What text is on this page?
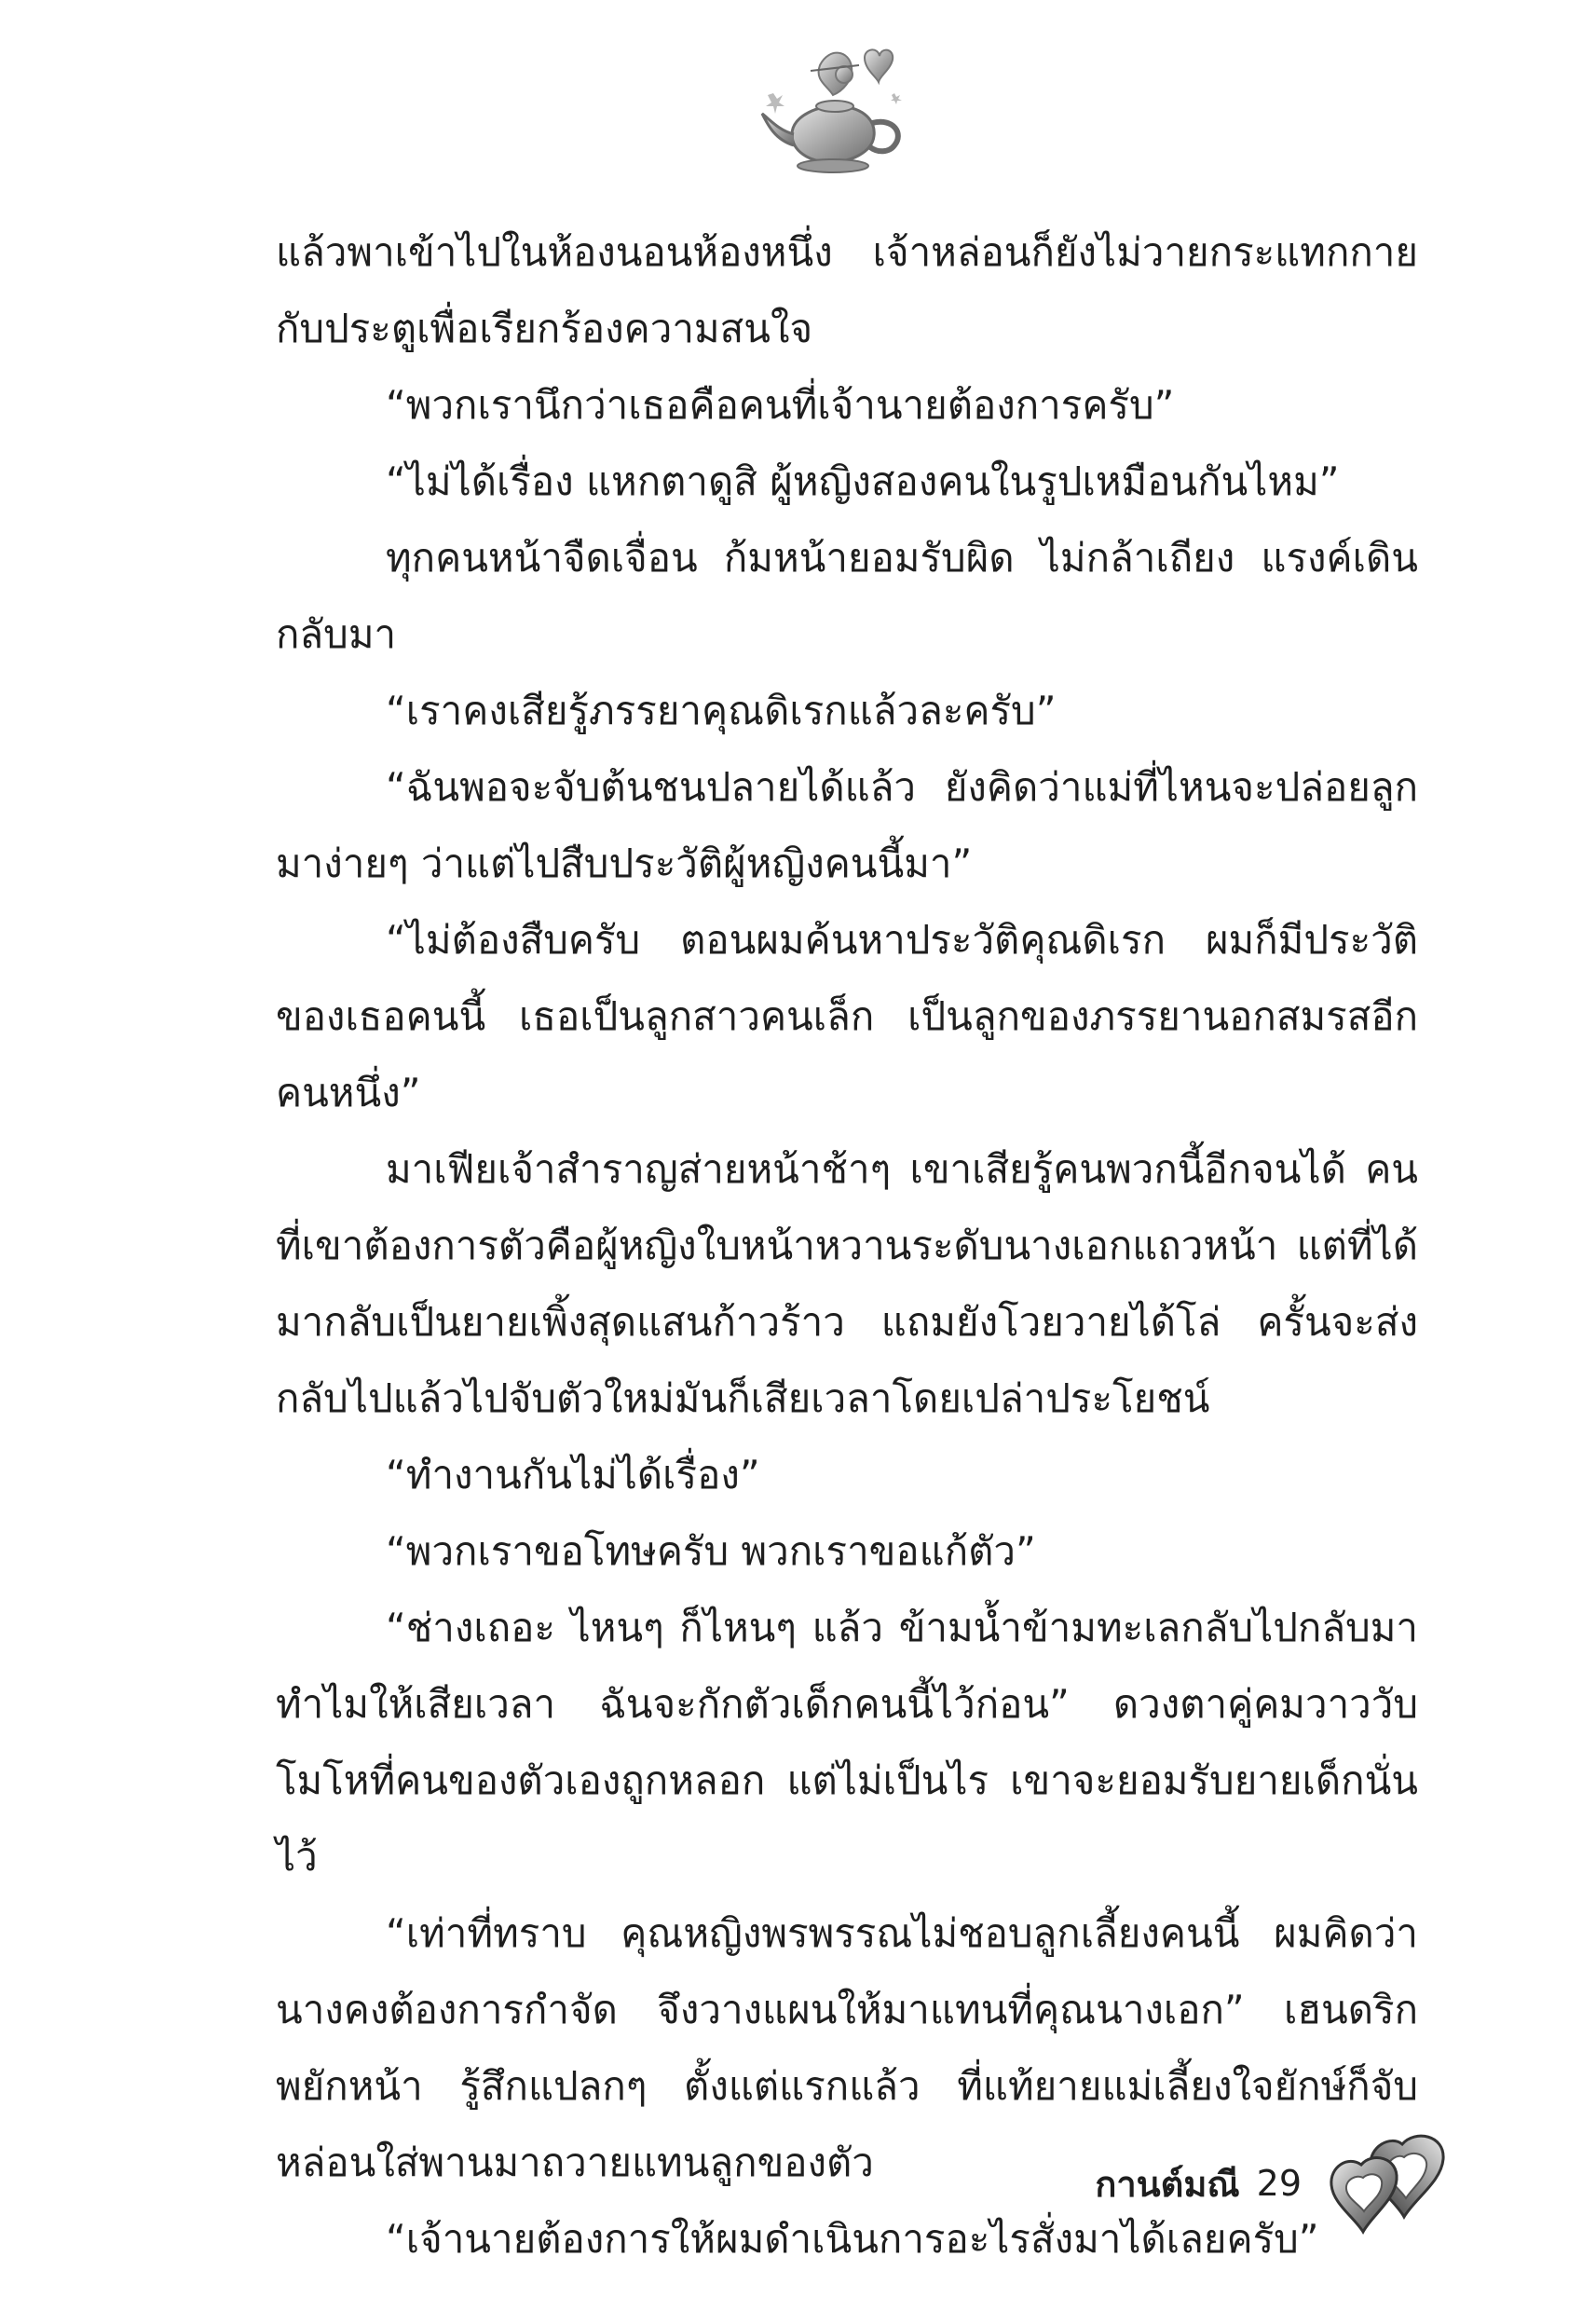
แล้วพาเข้าไปในห้องนอนห้องหนึ่ง เจ้าหล่อนก็ยังไม่วายกระแทกกายกับประตูเพื่อเรียกร้องความสนใจ

“พวกเรานึกว่าเธอคือคนที่เจ้านายต้องการครับ”

“ไม่ได้เรื่อง แหกตาดูสิ ผู้หญิงสองคนในรูปเหมือนกันไหม”

ทุกคนหน้าจืดเจื่อน ก้มหน้ายอมรับผิด ไม่กล้าเถียง แรงค์เดินกลับมา

“เราคงเสียรู้ภรรยาคุณดิเรกแล้วละครับ”

“ฉันพอจะจับต้นชนปลายได้แล้ว ยังคิดว่าแม่ที่ไหนจะปล่อยลูกมาง่ายๆ ว่าแต่ไปสืบประวัติผู้หญิงคนนี้มา”

“ไม่ต้องสืบครับ ตอนผมค้นหาประวัติคุณดิเรก ผมก็มีประวัติของเธอคนนี้ เธอเป็นลูกสาวคนเล็ก เป็นลูกของภรรยานอกสมรสอีกคนหนึ่ง”

มาเฟียเจ้าสำราญส่ายหน้าช้าๆ เขาเสียรู้คนพวกนี้อีกจนได้ คนที่เขาต้องการตัวคือผู้หญิงใบหน้าหวานระดับนางเอกแถวหน้า แต่ที่ได้มากลับเป็นยายเพิ้งสุดแสนก้าวร้าว แถมยังโวยวายได้โล่ ครั้นจะส่งกลับไปแล้วไปจับตัวใหม่มันก็เสียเวลาโดยเปล่าประโยชน์

“ทำงานกันไม่ได้เรื่อง”

“พวกเราขอโทษครับ พวกเราขอแก้ตัว”

“ช่างเถอะ ไหนๆ ก็ไหนๆ แล้ว ข้ามน้ำข้ามทะเลกลับไปกลับมาทำไมให้เสียเวลา ฉันจะกักตัวเด็กคนนี้ไว้ก่อน” ดวงตาคู่คมวาววับ โมโหที่คนของตัวเองถูกหลอก แต่ไม่เป็นไร เขาจะยอมรับยายเด็กนั่นไว้

“เท่าที่ทราบ คุณหญิงพรพรรณไม่ชอบลูกเลี้ยงคนนี้ ผมคิดว่านางคงต้องการกำจัด จึงวางแผนให้มาแทนที่คุณนางเอก” เฮนดริกพยักหน้า รู้สึกแปลกๆ ตั้งแต่แรกแล้ว ที่แท้ยายแม่เลี้ยงใจยักษ์ก็จับหล่อนใส่พานมาถวายแทนลูกของตัว

“เจ้านายต้องการให้ผมดำเนินการอะไรสั่งมาได้เลยครับ”

กานต์มณี 29
